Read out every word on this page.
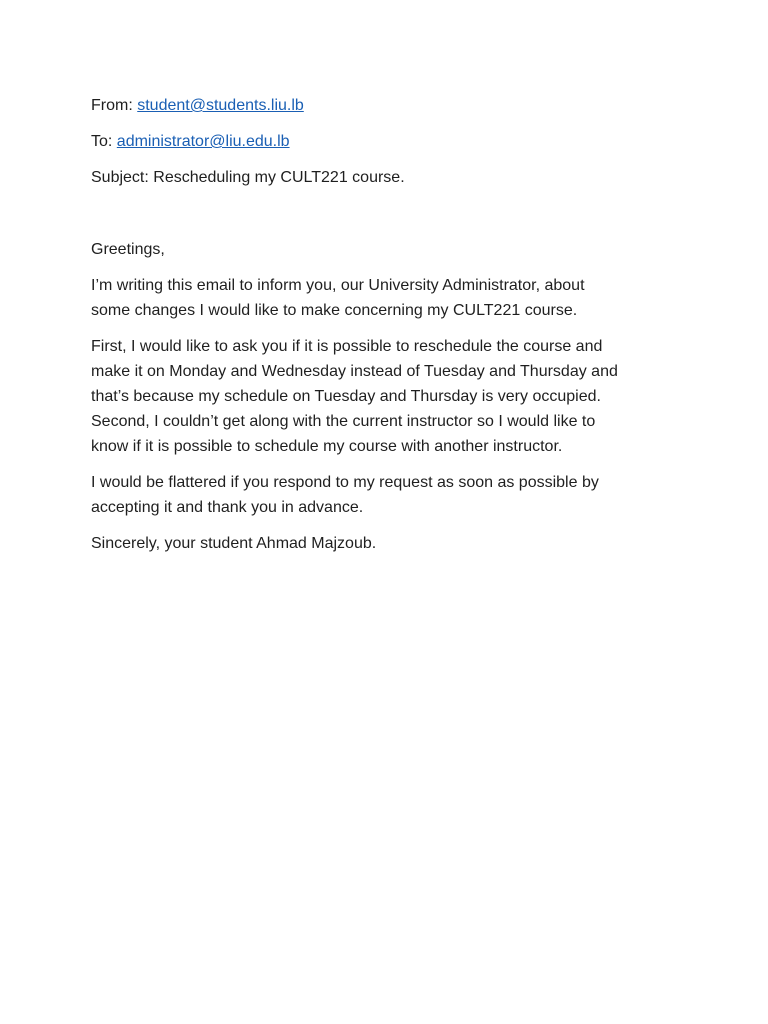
From: student@students.liu.lb

To: administrator@liu.edu.lb

Subject: Rescheduling my CULT221 course.

Greetings,

I’m writing this email to inform you, our University Administrator, about
some changes I would like to make concerning my CULT221 course.

First, I would like to ask you if it is possible to reschedule the course and
make it on Monday and Wednesday instead of Tuesday and Thursday and
that’s because my schedule on Tuesday and Thursday is very occupied.
Second, I couldn’t get along with the current instructor so I would like to
know if it is possible to schedule my course with another instructor.

I would be flattered if you respond to my request as soon as possible by
accepting it and thank you in advance.

Sincerely, your student Ahmad Majzoub.
